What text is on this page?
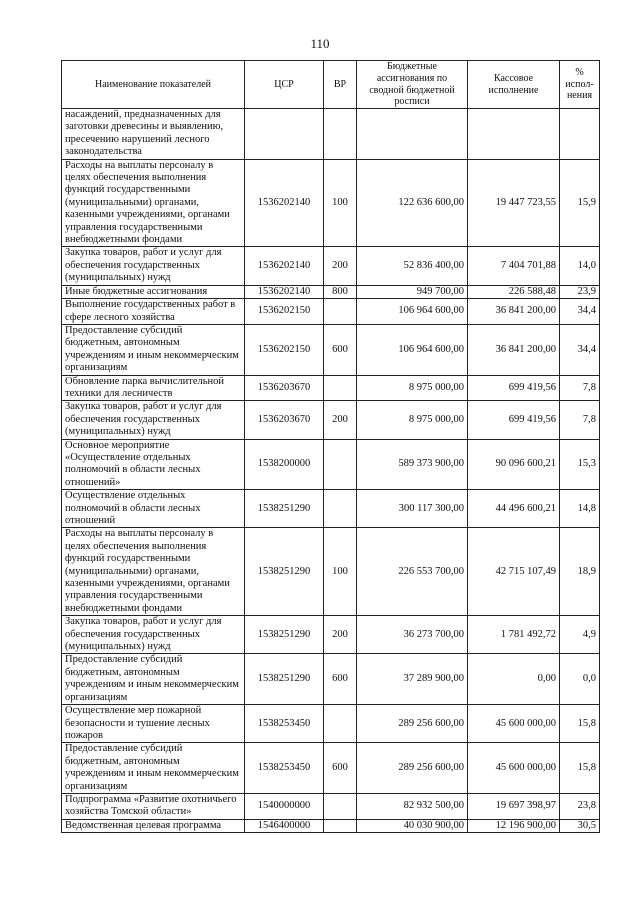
110
Наименование показателей	ЦСР	ВР	Бюджетные ассигнования по сводной бюджетной росписи	Кассовое исполнение	% испол-нения
насаждений, предназначенных для заготовки древесины и выявлению, пресечению нарушений лесного законодательства					
Расходы на выплаты персоналу в целях обеспечения выполнения функций государственными (муниципальными) органами, казенными учреждениями, органами управления государственными внебюджетными фондами	1536202140	100	122 636 600,00	19 447 723,55	15,9
Закупка товаров, работ и услуг для обеспечения государственных (муниципальных) нужд	1536202140	200	52 836 400,00	7 404 701,88	14,0
Иные бюджетные ассигнования	1536202140	800	949 700,00	226 588,48	23,9
Выполнение государственных работ в сфере лесного хозяйства	1536202150		106 964 600,00	36 841 200,00	34,4
Предоставление субсидий бюджетным, автономным учреждениям и иным некоммерческим организациям	1536202150	600	106 964 600,00	36 841 200,00	34,4
Обновление парка вычислительной техники для лесничеств	1536203670		8 975 000,00	699 419,56	7,8
Закупка товаров, работ и услуг для обеспечения государственных (муниципальных) нужд	1536203670	200	8 975 000,00	699 419,56	7,8
Основное мероприятие «Осуществление отдельных полномочий в области лесных отношений»	1538200000		589 373 900,00	90 096 600,21	15,3
Осуществление отдельных полномочий в области лесных отношений	1538251290		300 117 300,00	44 496 600,21	14,8
Расходы на выплаты персоналу в целях обеспечения выполнения функций государственными (муниципальными) органами, казенными учреждениями, органами управления государственными внебюджетными фондами	1538251290	100	226 553 700,00	42 715 107,49	18,9
Закупка товаров, работ и услуг для обеспечения государственных (муниципальных) нужд	1538251290	200	36 273 700,00	1 781 492,72	4,9
Предоставление субсидий бюджетным, автономным учреждениям и иным некоммерческим организациям	1538251290	600	37 289 900,00	0,00	0,0
Осуществление мер пожарной безопасности и тушение лесных пожаров	1538253450		289 256 600,00	45 600 000,00	15,8
Предоставление субсидий бюджетным, автономным учреждениям и иным некоммерческим организациям	1538253450	600	289 256 600,00	45 600 000,00	15,8
Подпрограмма «Развитие охотничьего хозяйства Томской области»	1540000000		82 932 500,00	19 697 398,97	23,8
Ведомственная целевая программа	1546400000		40 030 900,00	12 196 900,00	30,5
